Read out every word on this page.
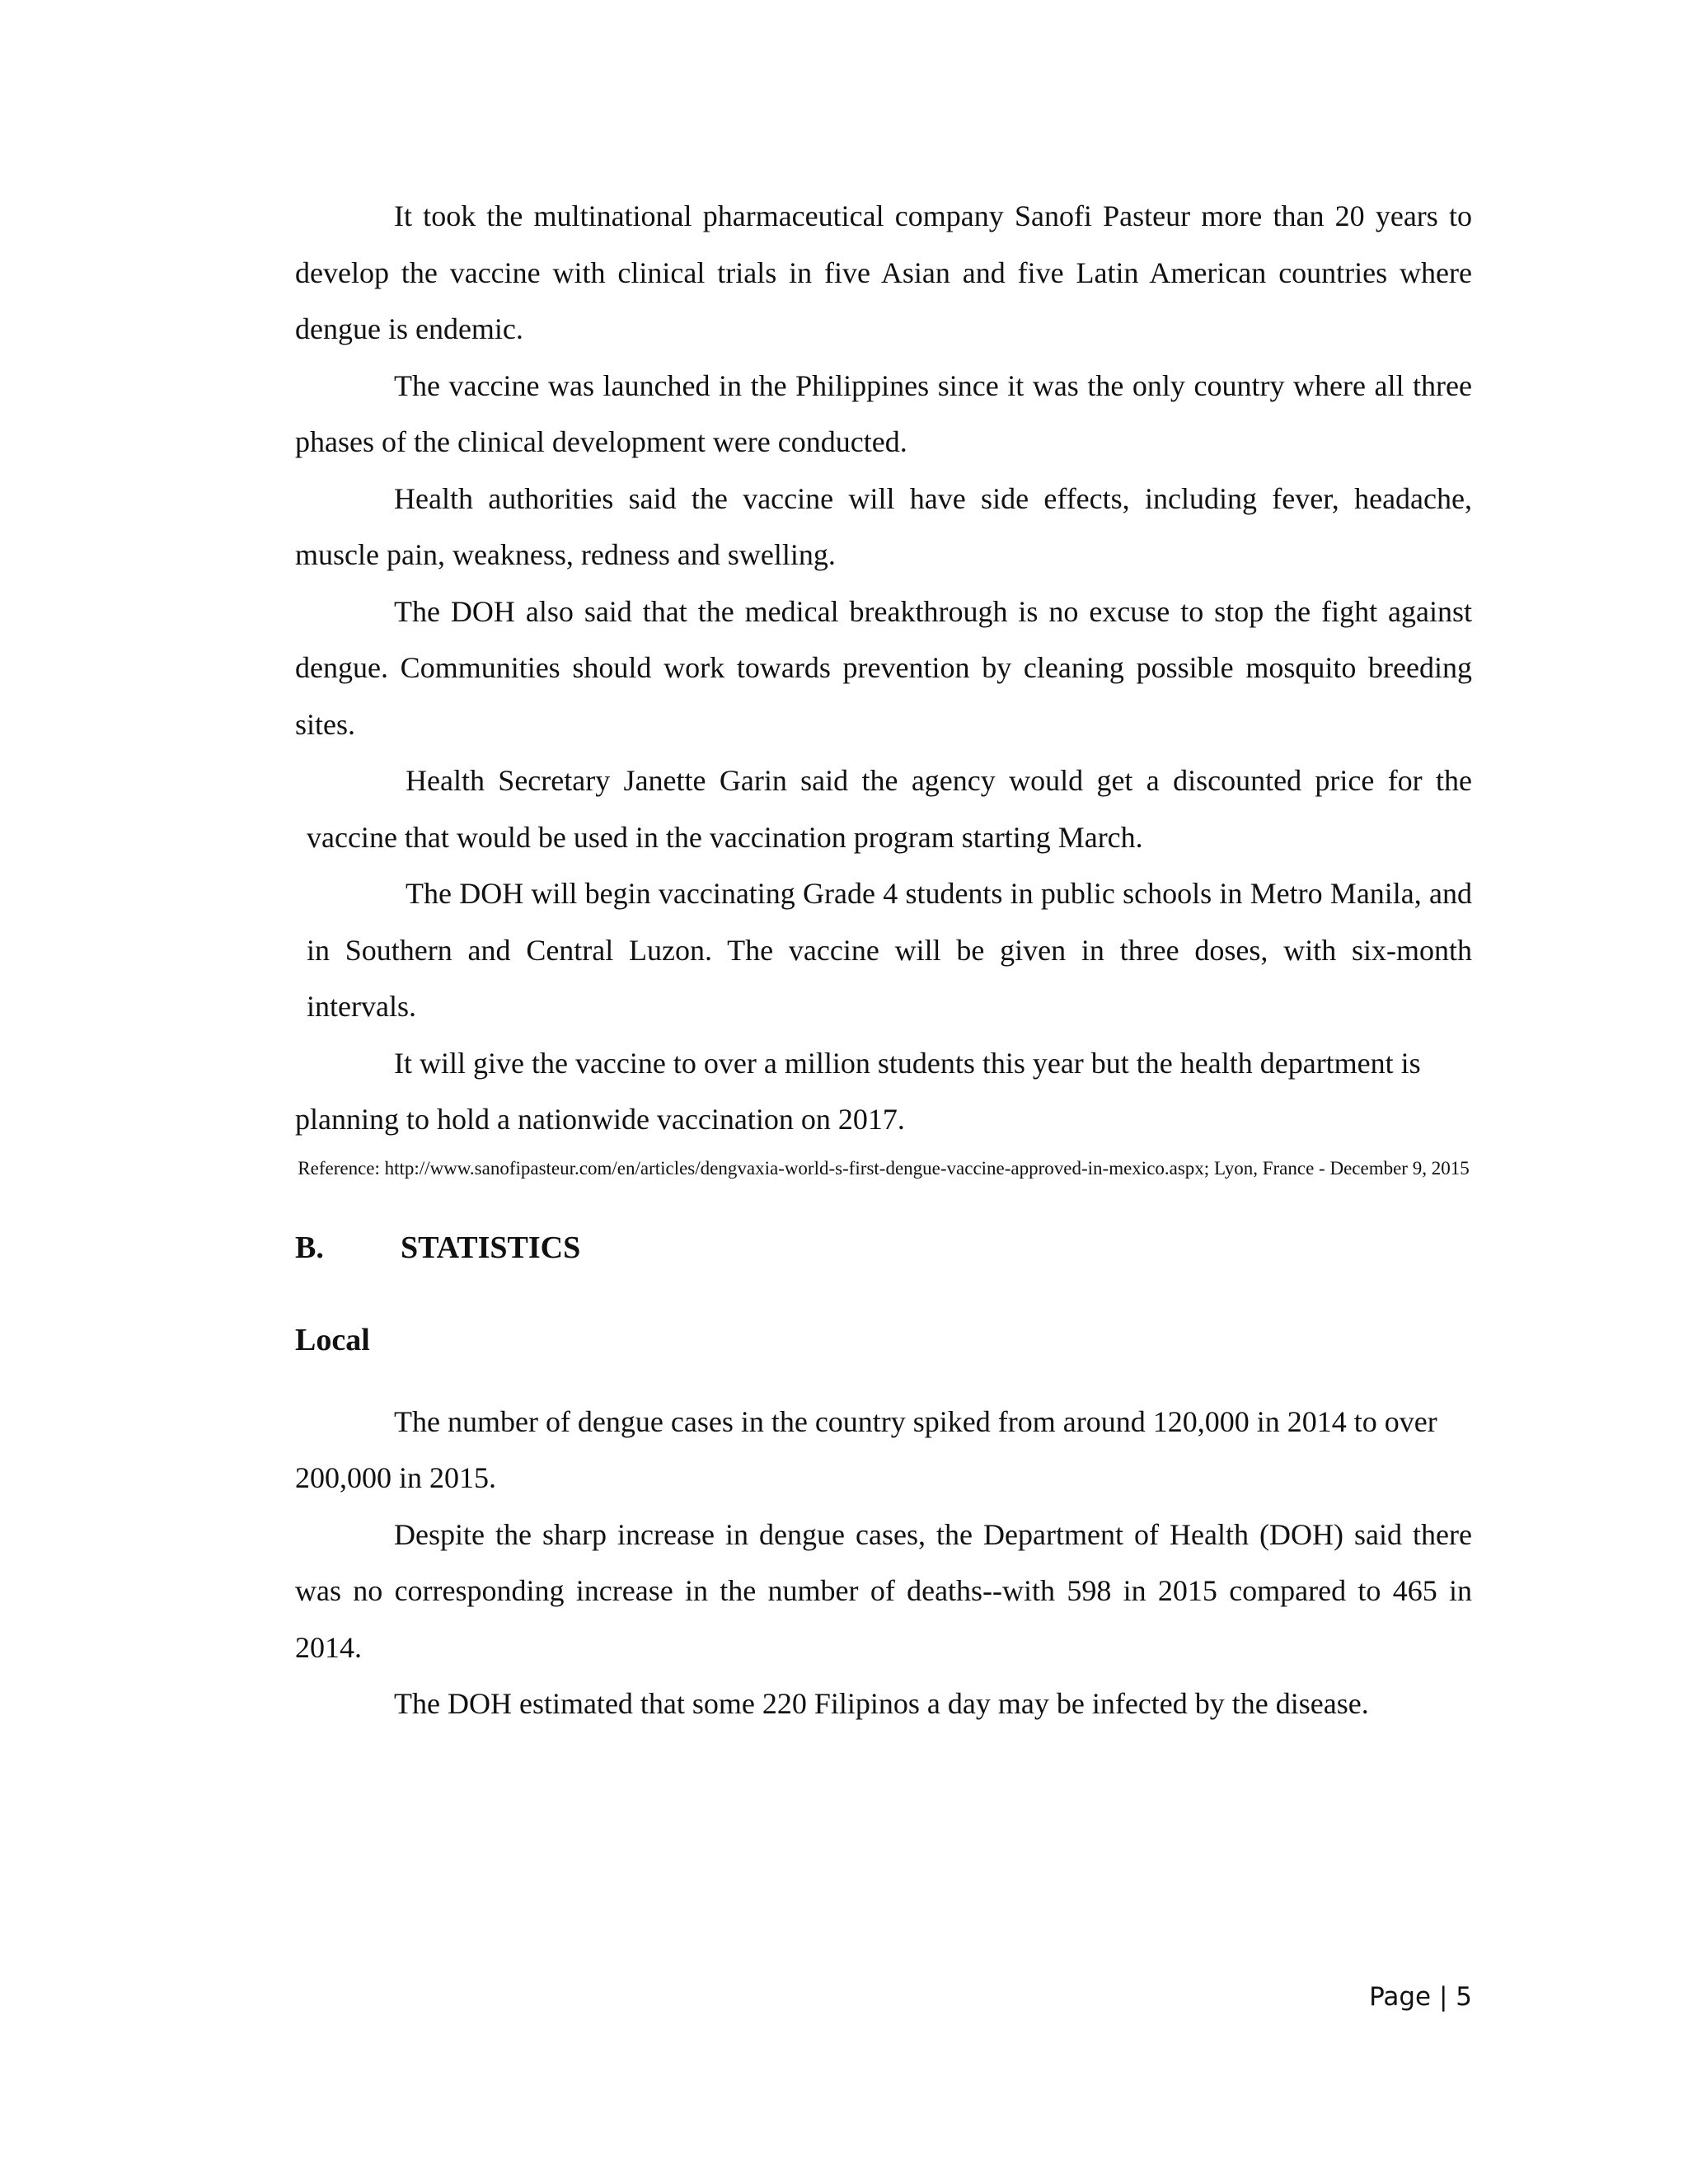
It took the multinational pharmaceutical company Sanofi Pasteur more than 20 years to develop the vaccine with clinical trials in five Asian and five Latin American countries where dengue is endemic.

The vaccine was launched in the Philippines since it was the only country where all three phases of the clinical development were conducted.

Health authorities said the vaccine will have side effects, including fever, headache, muscle pain, weakness, redness and swelling.

The DOH also said that the medical breakthrough is no excuse to stop the fight against dengue. Communities should work towards prevention by cleaning possible mosquito breeding sites.

Health Secretary Janette Garin said the agency would get a discounted price for the vaccine that would be used in the vaccination program starting March.

The DOH will begin vaccinating Grade 4 students in public schools in Metro Manila, and in Southern and Central Luzon. The vaccine will be given in three doses, with six-month intervals.

It will give the vaccine to over a million students this year but the health department is planning to hold a nationwide vaccination on 2017.

Reference: http://www.sanofipasteur.com/en/articles/dengvaxia-world-s-first-dengue-vaccine-approved-in-mexico.aspx; Lyon, France - December 9, 2015
B.	STATISTICS
Local

The number of dengue cases in the country spiked from around 120,000 in 2014 to over 200,000 in 2015.

Despite the sharp increase in dengue cases, the Department of Health (DOH) said there was no corresponding increase in the number of deaths--with 598 in 2015 compared to 465 in 2014.

The DOH estimated that some 220 Filipinos a day may be infected by the disease.

Page | 5
